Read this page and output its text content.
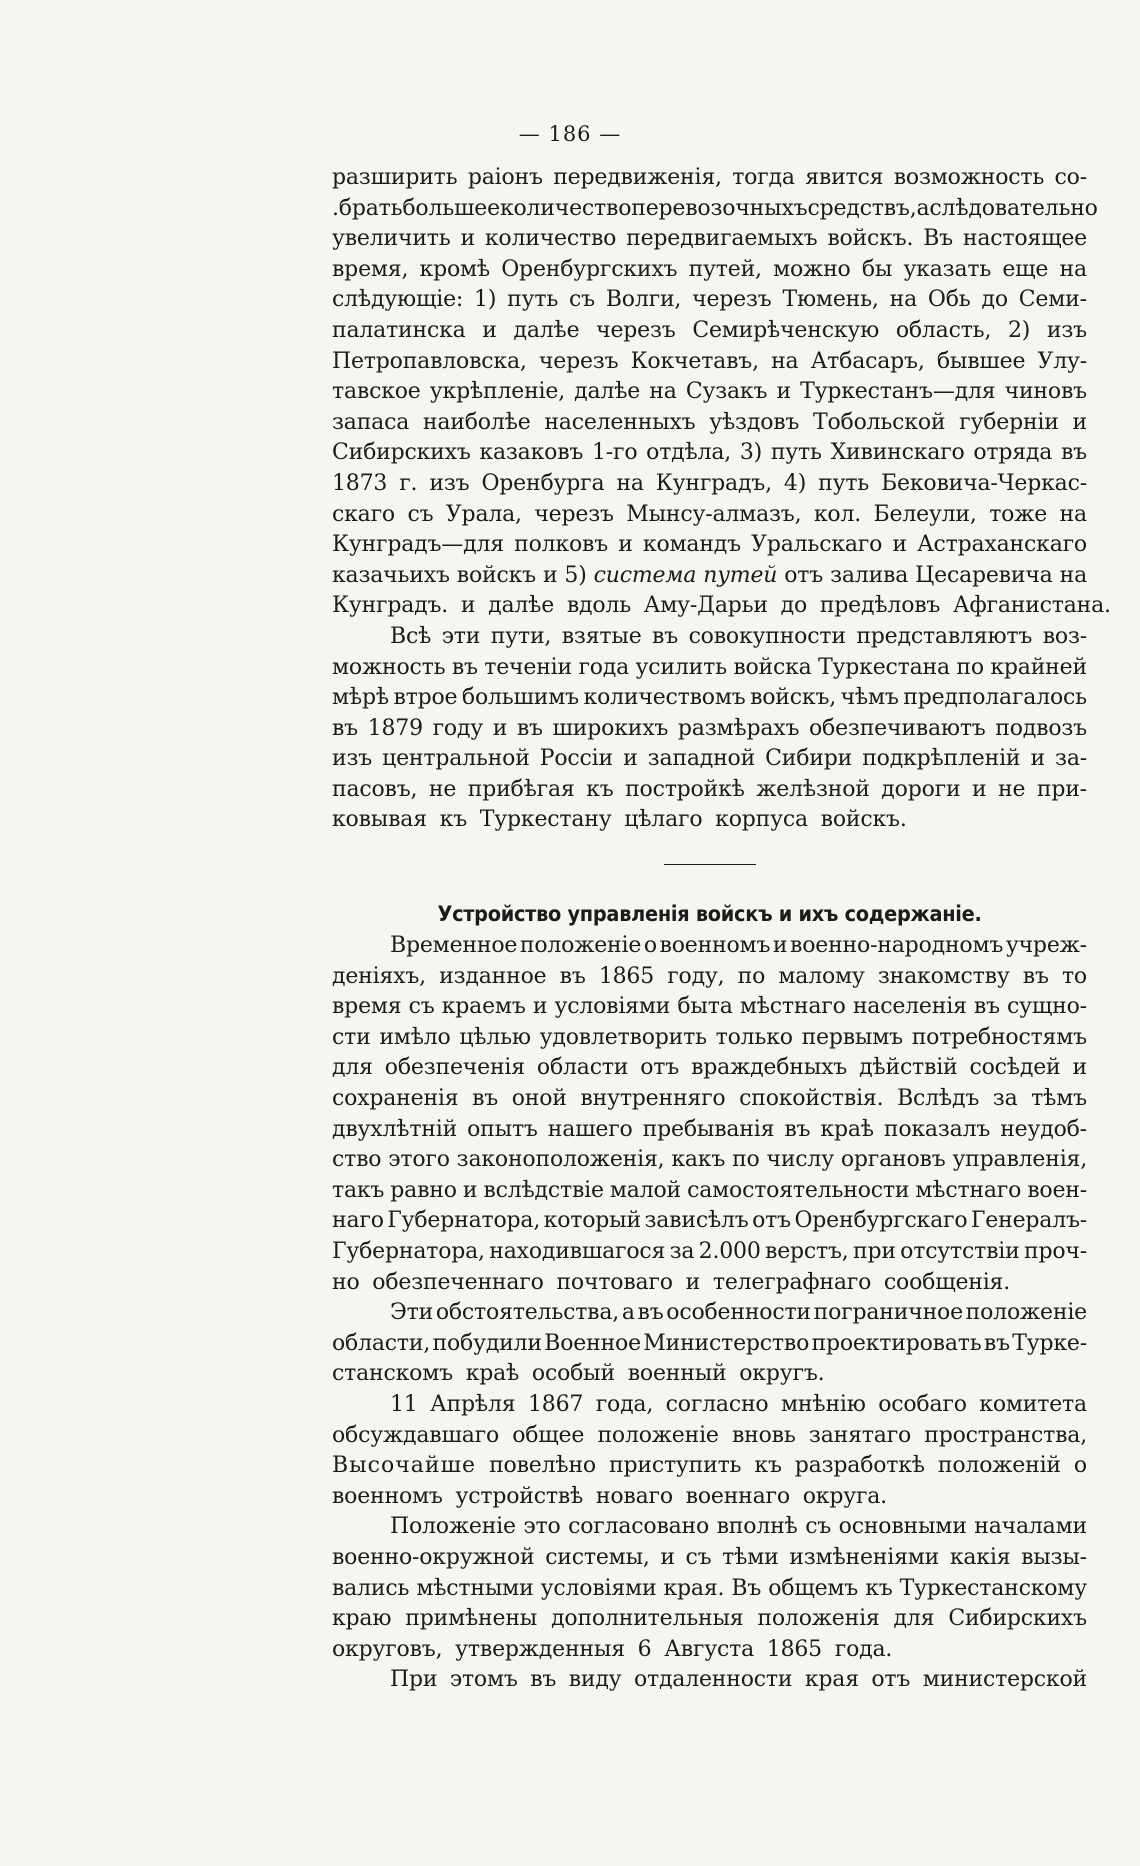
— 186 —
разширить раіонъ передвиженія, тогда явится возможность со-
. брать большее количество перевозочныхъ средствъ, а слѣдовательно
увеличить и количество передвигаемыхъ войскъ. Въ настоящее
время, кромѣ Оренбургскихъ путей, можно бы указать еще на
слѣдующіе: 1) путь съ Волги, черезъ Тюмень, на Обь до Семи-
палатинска и далѣе черезъ Семирѣченскую область, 2) изъ
Петропавловска, черезъ Кокчетавъ, на Атбасаръ, бывшее Улу-
тавское укрѣпленіе, далѣе на Сузакъ и Туркестанъ—для чиновъ
запаса наиболѣе населенныхъ уѣздовъ Тобольской губерніи и
Сибирскихъ казаковъ 1-го отдѣла, 3) путь Хивинскаго отряда въ
1873 г. изъ Оренбурга на Кунградъ, 4) путь Бековича-Черкас-
скаго съ Урала, черезъ Мынсу-алмазъ, кол. Белеули, тоже на
Кунградъ—для полковъ и командъ Уральскаго и Астраханскаго
казачьихъ войскъ и 5) система путей отъ залива Цесаревича на
Кунградъ. и далѣе вдоль Аму-Дарьи до предѣловъ Афганистана.
Всѣ эти пути, взятые въ совокупности представляютъ воз-
можность въ теченіи года усилить войска Туркестана по крайней
мѣрѣ втрое большимъ количествомъ войскъ, чѣмъ предполагалось
въ 1879 году и въ широкихъ размѣрахъ обезпечиваютъ подвозъ
изъ центральной Россіи и западной Сибири подкрѣпленій и за-
пасовъ, не прибѣгая къ постройкѣ желѣзной дороги и не при-
ковывая къ Туркестану цѣлаго корпуса войскъ.
Устройство управленія войскъ и ихъ содержаніе.
Временное положеніе о военномъ и военно-народномъ учреж-
деніяхъ, изданное въ 1865 году, по малому знакомству въ то
время съ краемъ и условіями быта мѣстнаго населенія въ сущно-
сти имѣло цѣлью удовлетворить только первымъ потребностямъ
для обезпеченія области отъ враждебныхъ дѣйствій сосѣдей и
сохраненія въ оной внутренняго спокойствія. Вслѣдъ за тѣмъ
двухлѣтній опытъ нашего пребыванія въ краѣ показалъ неудоб-
ство этого законоположенія, какъ по числу органовъ управленія,
такъ равно и вслѣдствіе малой самостоятельности мѣстнаго воен-
наго Губернатора, который зависѣлъ отъ Оренбургскаго Генералъ-
Губернатора, находившагося за 2.000 верстъ, при отсутствіи проч-
но обезпеченнаго почтоваго и телеграфнаго сообщенія.
Эти обстоятельства, а въ особенности пограничное положеніе
области, побудили Военное Министерство проектировать въ Турке-
станскомъ краѣ особый военный округъ.
11 Апрѣля 1867 года, согласно мнѣнію особаго комитета
обсуждавшаго общее положеніе вновь занятаго пространства,
Высочайше повелѣно приступить къ разработкѣ положеній о
военномъ устройствѣ новаго военнаго округа.
Положеніе это согласовано вполнѣ съ основными началами
военно-окружной системы, и съ тѣми измѣненіями какія вызы-
вались мѣстными условіями края. Въ общемъ къ Туркестанскому
краю примѣнены дополнительныя положенія для Сибирскихъ
округовъ, утвержденныя 6 Августа 1865 года.
При этомъ въ виду отдаленности края отъ министерской
